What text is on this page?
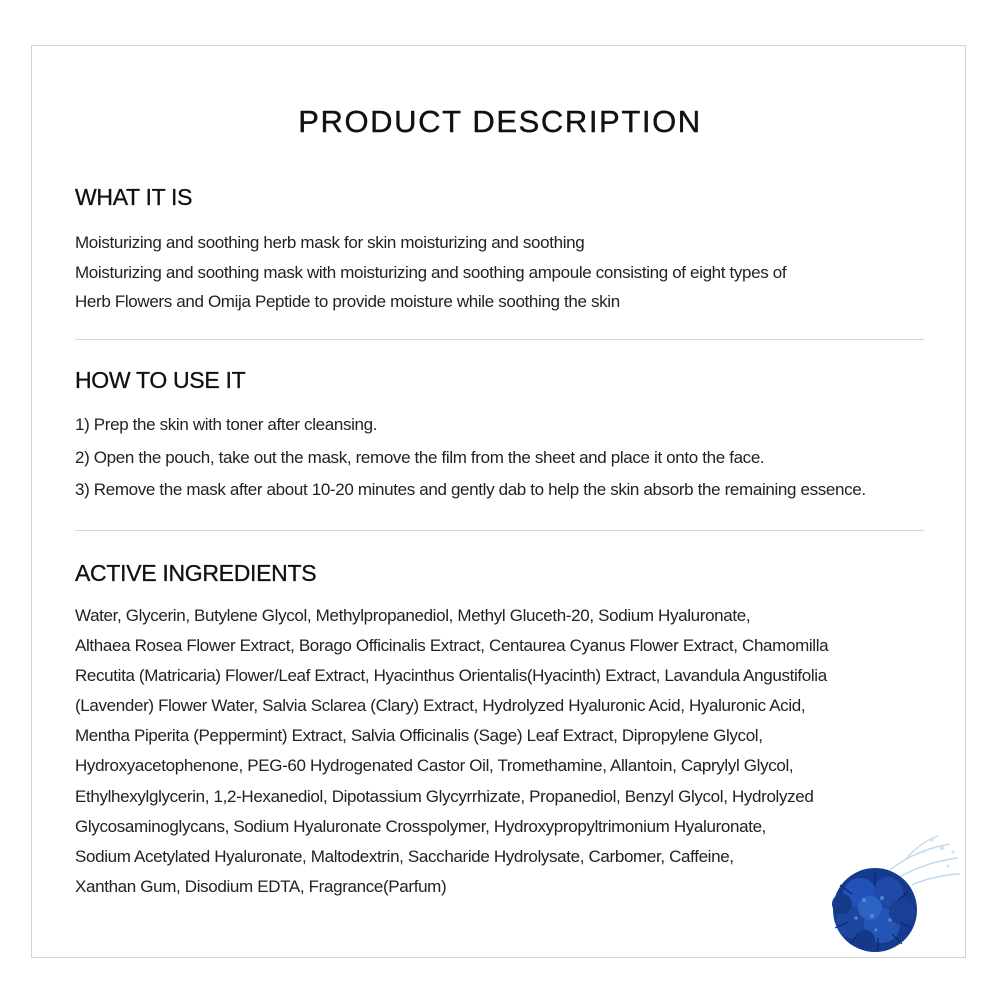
PRODUCT DESCRIPTION
WHAT IT IS

Moisturizing and soothing herb mask for skin moisturizing and soothing

Moisturizing and soothing mask with moisturizing and soothing ampoule consisting of eight types of

Herb Flowers and Omija Peptide to provide moisture while soothing the skin

HOW TO USE IT

1) Prep the skin with toner after cleansing.

2) Open the pouch, take out the mask, remove the film from the sheet and place it onto the face.

3) Remove the mask after about 10-20 minutes and gently dab to help the skin absorb the remaining essence.

ACTIVE INGREDIENTS

Water, Glycerin, Butylene Glycol, Methylpropanediol, Methyl Gluceth-20, Sodium Hyaluronate,

Althaea Rosea Flower Extract, Borago Officinalis Extract, Centaurea Cyanus Flower Extract, Chamomilla

Recutita (Matricaria) Flower/Leaf Extract, Hyacinthus Orientalis(Hyacinth) Extract, Lavandula Angustifolia

(Lavender) Flower Water, Salvia Sclarea (Clary) Extract, Hydrolyzed Hyaluronic Acid, Hyaluronic Acid,

Mentha Piperita (Peppermint) Extract, Salvia Officinalis (Sage) Leaf Extract, Dipropylene Glycol,

Hydroxyacetophenone, PEG-60 Hydrogenated Castor Oil, Tromethamine, Allantoin, Caprylyl Glycol,

Ethylhexylglycerin, 1,2-Hexanediol, Dipotassium Glycyrrhizate, Propanediol, Benzyl Glycol, Hydrolyzed

Glycosaminoglycans, Sodium Hyaluronate Crosspolymer, Hydroxypropyltrimonium Hyaluronate,

Sodium Acetylated Hyaluronate, Maltodextrin, Saccharide Hydrolysate, Carbomer, Caffeine,

Xanthan Gum, Disodium EDTA, Fragrance(Parfum)
